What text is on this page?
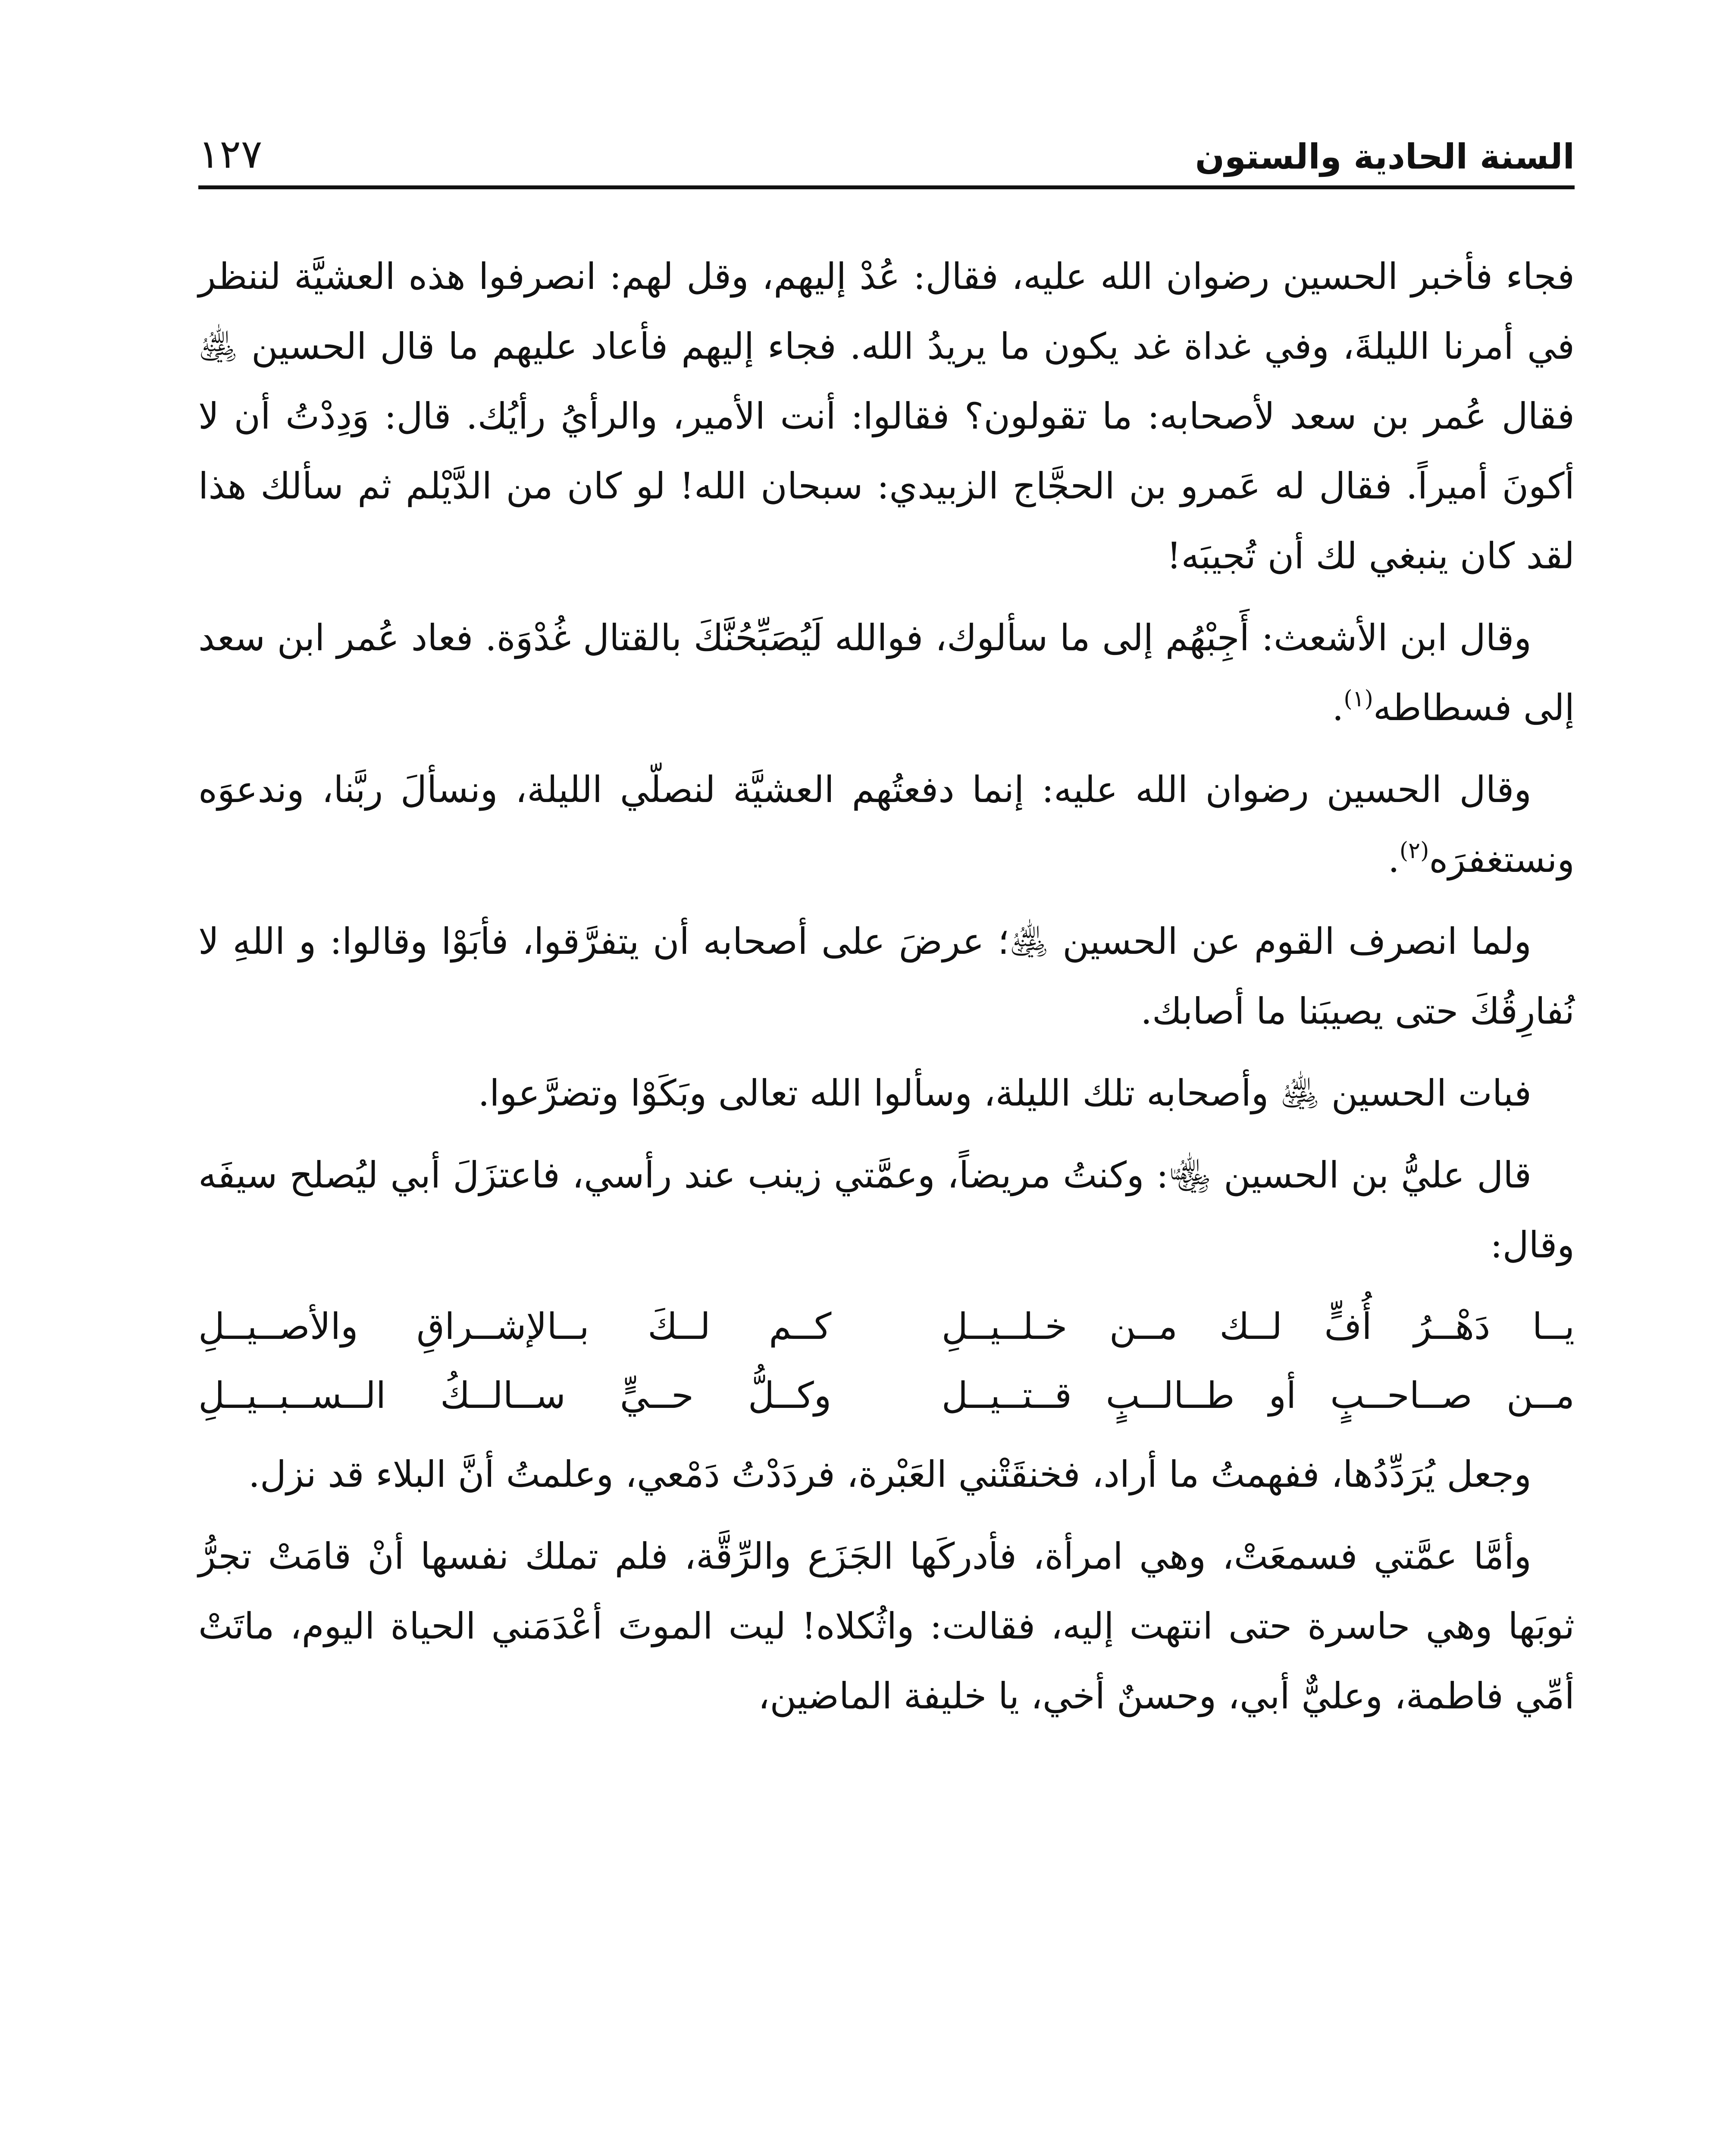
السنة الحادية والستون
١٢٧

فجاء فأخبر الحسين رضوان الله عليه، فقال: عُدْ إليهم، وقل لهم: انصرفوا هذه العشيَّة لننظر في أمرنا الليلةَ، وفي غداة غد يكون ما يريدُ الله. فجاء إليهم فأعاد عليهم ما قال الحسين ﵁ فقال عُمر بن سعد لأصحابه: ما تقولون؟ فقالوا: أنت الأمير، والرأيُ رأيُك. قال: وَدِدْتُ أن لا أكونَ أميراً. فقال له عَمرو بن الحجَّاج الزبيدي: سبحان الله! لو كان من الدَّيْلم ثم سألك هذا لقد كان ينبغي لك أن تُجيبَه!

وقال ابن الأشعث: أَجِبْهُم إلى ما سألوك، فوالله لَيُصَبِّحُنَّكَ بالقتال غُدْوَة. فعاد عُمر ابن سعد إلى فسطاطه$^{(١)}$.

وقال الحسين رضوان الله عليه: إنما دفعتُهم العشيَّة لنصلّي الليلة، ونسألَ ربَّنا، وندعوَه ونستغفرَه$^{(٢)}$.

ولما انصرف القوم عن الحسين ﵁؛ عرضَ على أصحابه أن يتفرَّقوا، فأبَوْا وقالوا: و اللهِ لا نُفارِقُكَ حتى يصيبَنا ما أصابك.

فبات الحسين ﵁ وأصحابه تلك الليلة، وسألوا الله تعالى وبَكَوْا وتضرَّعوا.

قال عليُّ بن الحسين ﵄: وكنتُ مريضاً، وعمَّتي زينب عند رأسي، فاعتزَلَ أبي ليُصلح سيفَه وقال:

يــا دَهْــرُ أُفٍّ لــك مــن خـلــيــلِ
كــم لــكَ بــالإشــراقِ والأصــيــلِ
مــن صــاحــبٍ أو طــالــبٍ قــتــيــل
وكــلُّ حــيٍّ ســالــكُ الــســبــيــلِ

وجعل يُرَدِّدُها، ففهمتُ ما أراد، فخنقَتْني العَبْرة، فردَدْتُ دَمْعي، وعلمتُ أنَّ البلاء قد نزل.

وأمَّا عمَّتي فسمعَتْ، وهي امرأة، فأدركَها الجَزَع والرِّقَّة، فلم تملك نفسها أنْ قامَتْ تجرُّ ثوبَها وهي حاسرة حتى انتهت إليه، فقالت: واثُكلاه! ليت الموتَ أعْدَمَني الحياة اليوم، ماتَتْ أمِّي فاطمة، وعليٌّ أبي، وحسنٌ أخي، يا خليفة الماضين،
